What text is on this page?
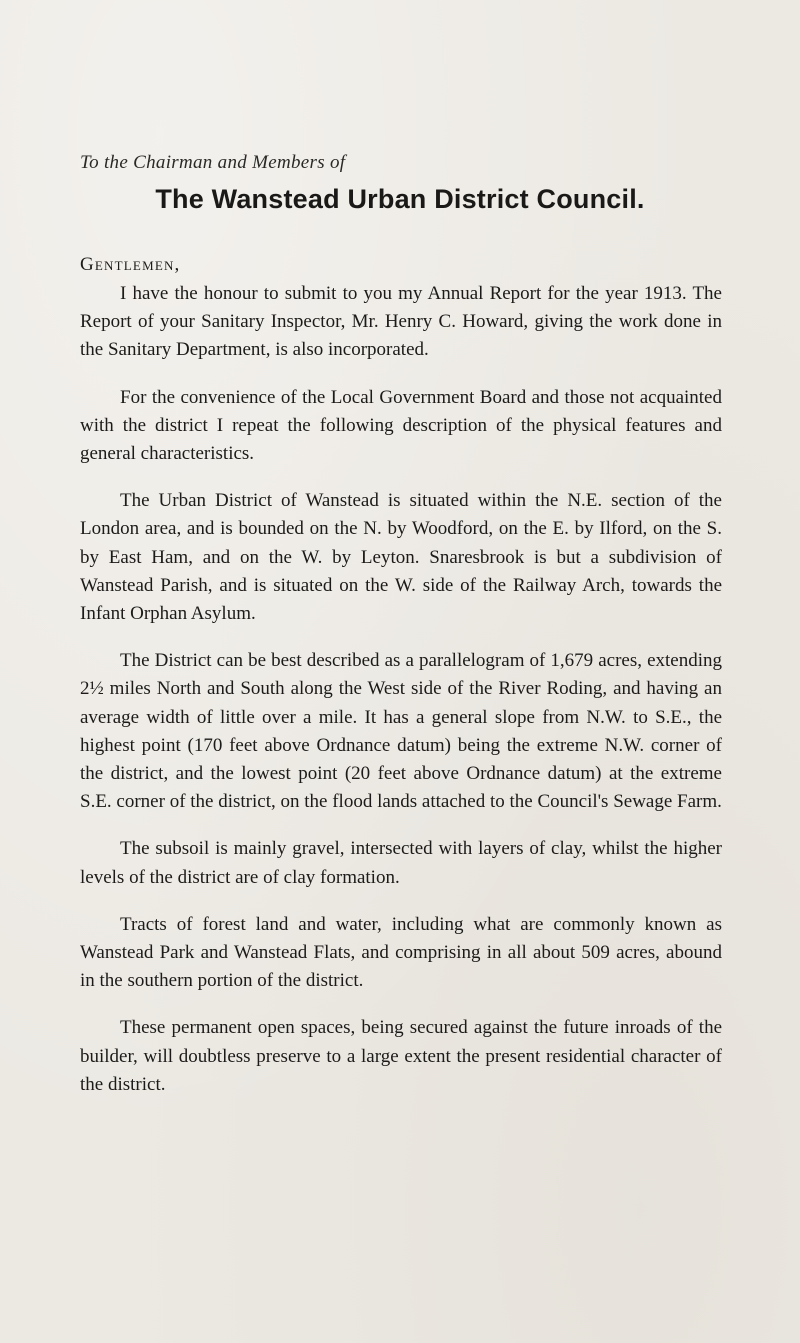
To the Chairman and Members of
The Wanstead Urban District Council.
Gentlemen,

I have the honour to submit to you my Annual Report for the year 1913. The Report of your Sanitary Inspector, Mr. Henry C. Howard, giving the work done in the Sanitary Department, is also incorporated.

For the convenience of the Local Government Board and those not acquainted with the district I repeat the following description of the physical features and general characteristics.

The Urban District of Wanstead is situated within the N.E. section of the London area, and is bounded on the N. by Woodford, on the E. by Ilford, on the S. by East Ham, and on the W. by Leyton. Snaresbrook is but a subdivision of Wanstead Parish, and is situated on the W. side of the Railway Arch, towards the Infant Orphan Asylum.

The District can be best described as a parallelogram of 1,679 acres, extending 2½ miles North and South along the West side of the River Roding, and having an average width of little over a mile. It has a general slope from N.W. to S.E., the highest point (170 feet above Ordnance datum) being the extreme N.W. corner of the district, and the lowest point (20 feet above Ordnance datum) at the extreme S.E. corner of the district, on the flood lands attached to the Council's Sewage Farm.

The subsoil is mainly gravel, intersected with layers of clay, whilst the higher levels of the district are of clay formation.

Tracts of forest land and water, including what are commonly known as Wanstead Park and Wanstead Flats, and comprising in all about 509 acres, abound in the southern portion of the district.

These permanent open spaces, being secured against the future inroads of the builder, will doubtless preserve to a large extent the present residential character of the district.
